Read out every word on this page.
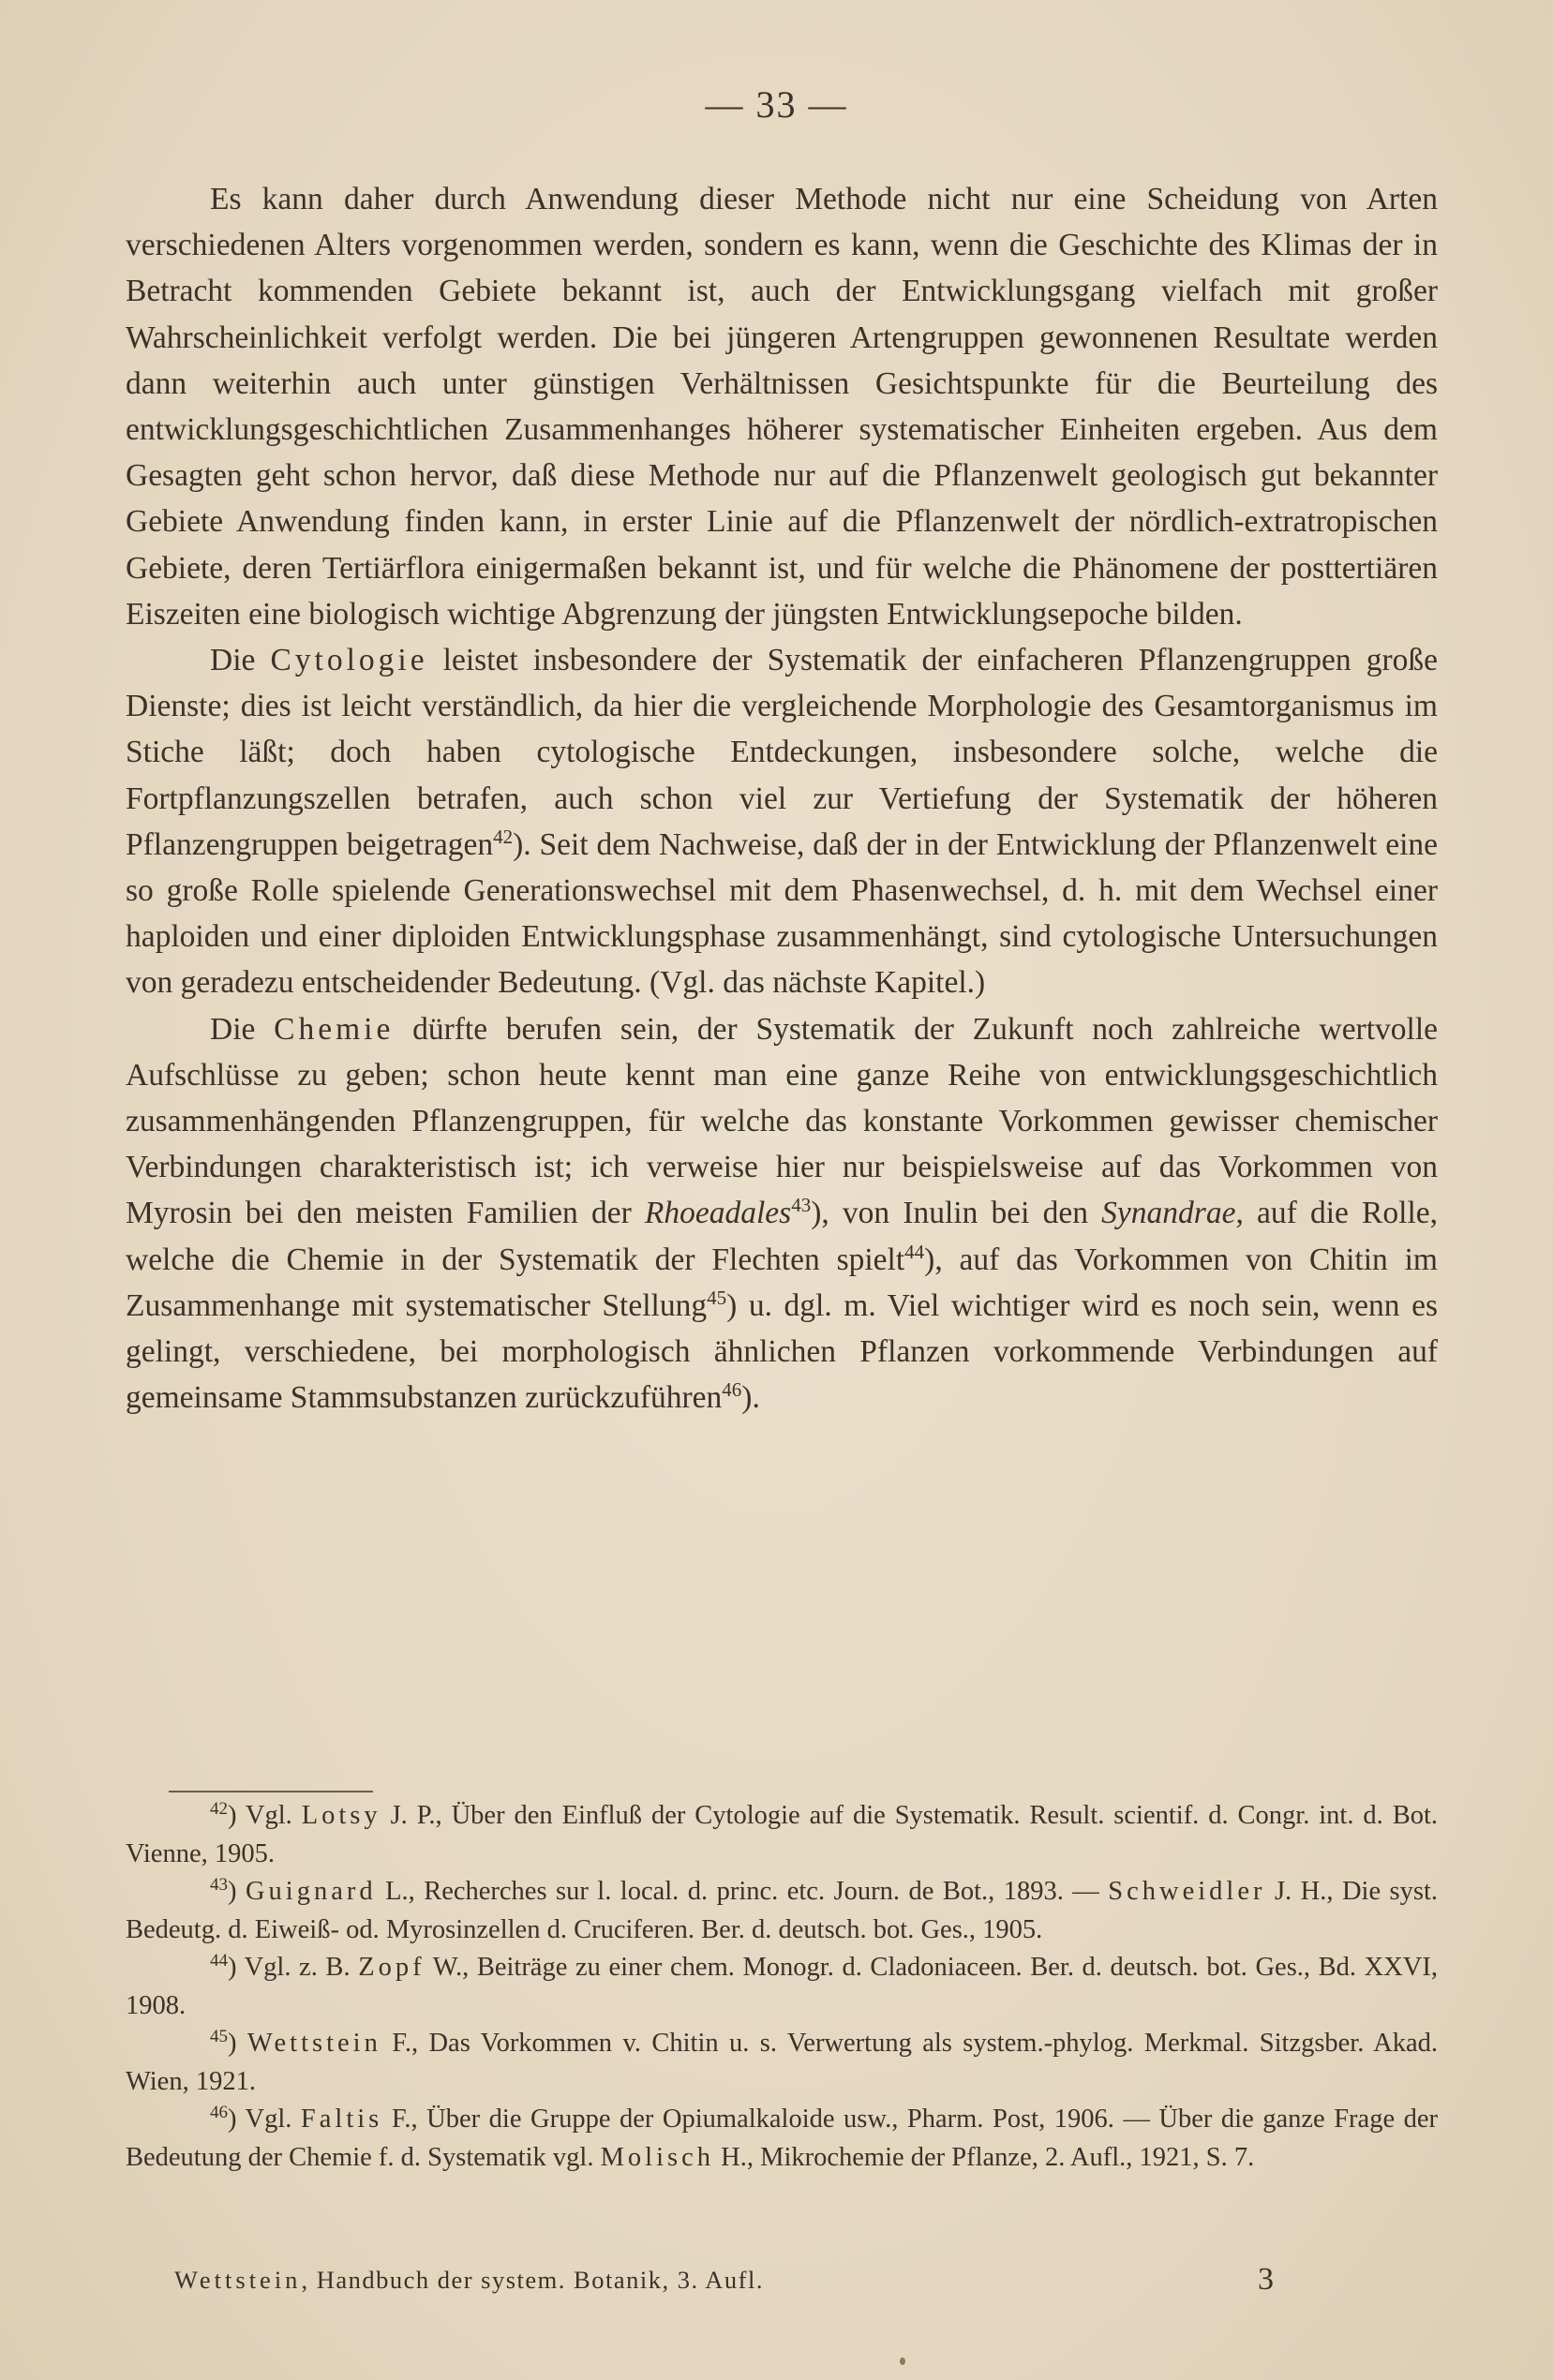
— 33 —

Es kann daher durch Anwendung dieser Methode nicht nur eine Scheidung von Arten verschiedenen Alters vorgenommen werden, sondern es kann, wenn die Geschichte des Klimas der in Betracht kommenden Gebiete bekannt ist, auch der Entwicklungsgang vielfach mit großer Wahrscheinlichkeit verfolgt werden. Die bei jüngeren Artengruppen gewonnenen Resultate werden dann weiterhin auch unter günstigen Verhältnissen Gesichtspunkte für die Beurteilung des entwicklungsgeschichtlichen Zusammenhanges höherer systematischer Einheiten ergeben. Aus dem Gesagten geht schon hervor, daß diese Methode nur auf die Pflanzenwelt geologisch gut bekannter Gebiete Anwendung finden kann, in erster Linie auf die Pflanzenwelt der nördlich-extratropischen Gebiete, deren Tertiärflora einigermaßen bekannt ist, und für welche die Phänomene der posttertiären Eiszeiten eine biologisch wichtige Abgrenzung der jüngsten Entwicklungsepoche bilden.

Die Cytologie leistet insbesondere der Systematik der einfacheren Pflanzengruppen große Dienste; dies ist leicht verständlich, da hier die vergleichende Morphologie des Gesamtorganismus im Stiche läßt; doch haben cytologische Entdeckungen, insbesondere solche, welche die Fortpflanzungszellen betrafen, auch schon viel zur Vertiefung der Systematik der höheren Pflanzengruppen beigetragen$^{42}$). Seit dem Nachweise, daß der in der Entwicklung der Pflanzenwelt eine so große Rolle spielende Generationswechsel mit dem Phasenwechsel, d. h. mit dem Wechsel einer haploiden und einer diploiden Entwicklungsphase zusammenhängt, sind cytologische Untersuchungen von geradezu entscheidender Bedeutung. (Vgl. das nächste Kapitel.)

Die Chemie dürfte berufen sein, der Systematik der Zukunft noch zahlreiche wertvolle Aufschlüsse zu geben; schon heute kennt man eine ganze Reihe von entwicklungsgeschichtlich zusammenhängenden Pflanzengruppen, für welche das konstante Vorkommen gewisser chemischer Verbindungen charakteristisch ist; ich verweise hier nur beispielsweise auf das Vorkommen von Myrosin bei den meisten Familien der Rhoeadales$^{43}$), von Inulin bei den Synandrae, auf die Rolle, welche die Chemie in der Systematik der Flechten spielt$^{44}$), auf das Vorkommen von Chitin im Zusammenhange mit systematischer Stellung$^{45}$) u. dgl. m. Viel wichtiger wird es noch sein, wenn es gelingt, verschiedene, bei morphologisch ähnlichen Pflanzen vorkommende Verbindungen auf gemeinsame Stammsubstanzen zurückzuführen$^{46}$).

$^{42}$) Vgl. Lotsy J. P., Über den Einfluß der Cytologie auf die Systematik. Result. scientif. d. Congr. int. d. Bot. Vienne, 1905.

$^{43}$) Guignard L., Recherches sur l. local. d. princ. etc. Journ. de Bot., 1893. — Schweidler J. H., Die syst. Bedeutg. d. Eiweiß- od. Myrosinzellen d. Cruciferen. Ber. d. deutsch. bot. Ges., 1905.

$^{44}$) Vgl. z. B. Zopf W., Beiträge zu einer chem. Monogr. d. Cladoniaceen. Ber. d. deutsch. bot. Ges., Bd. XXVI, 1908.

$^{45}$) Wettstein F., Das Vorkommen v. Chitin u. s. Verwertung als system.-phylog. Merkmal. Sitzgsber. Akad. Wien, 1921.

$^{46}$) Vgl. Faltis F., Über die Gruppe der Opiumalkaloide usw., Pharm. Post, 1906. — Über die ganze Frage der Bedeutung der Chemie f. d. Systematik vgl. Molisch H., Mikrochemie der Pflanze, 2. Aufl., 1921, S. 7.

Wettstein, Handbuch der system. Botanik, 3. Aufl.	3
